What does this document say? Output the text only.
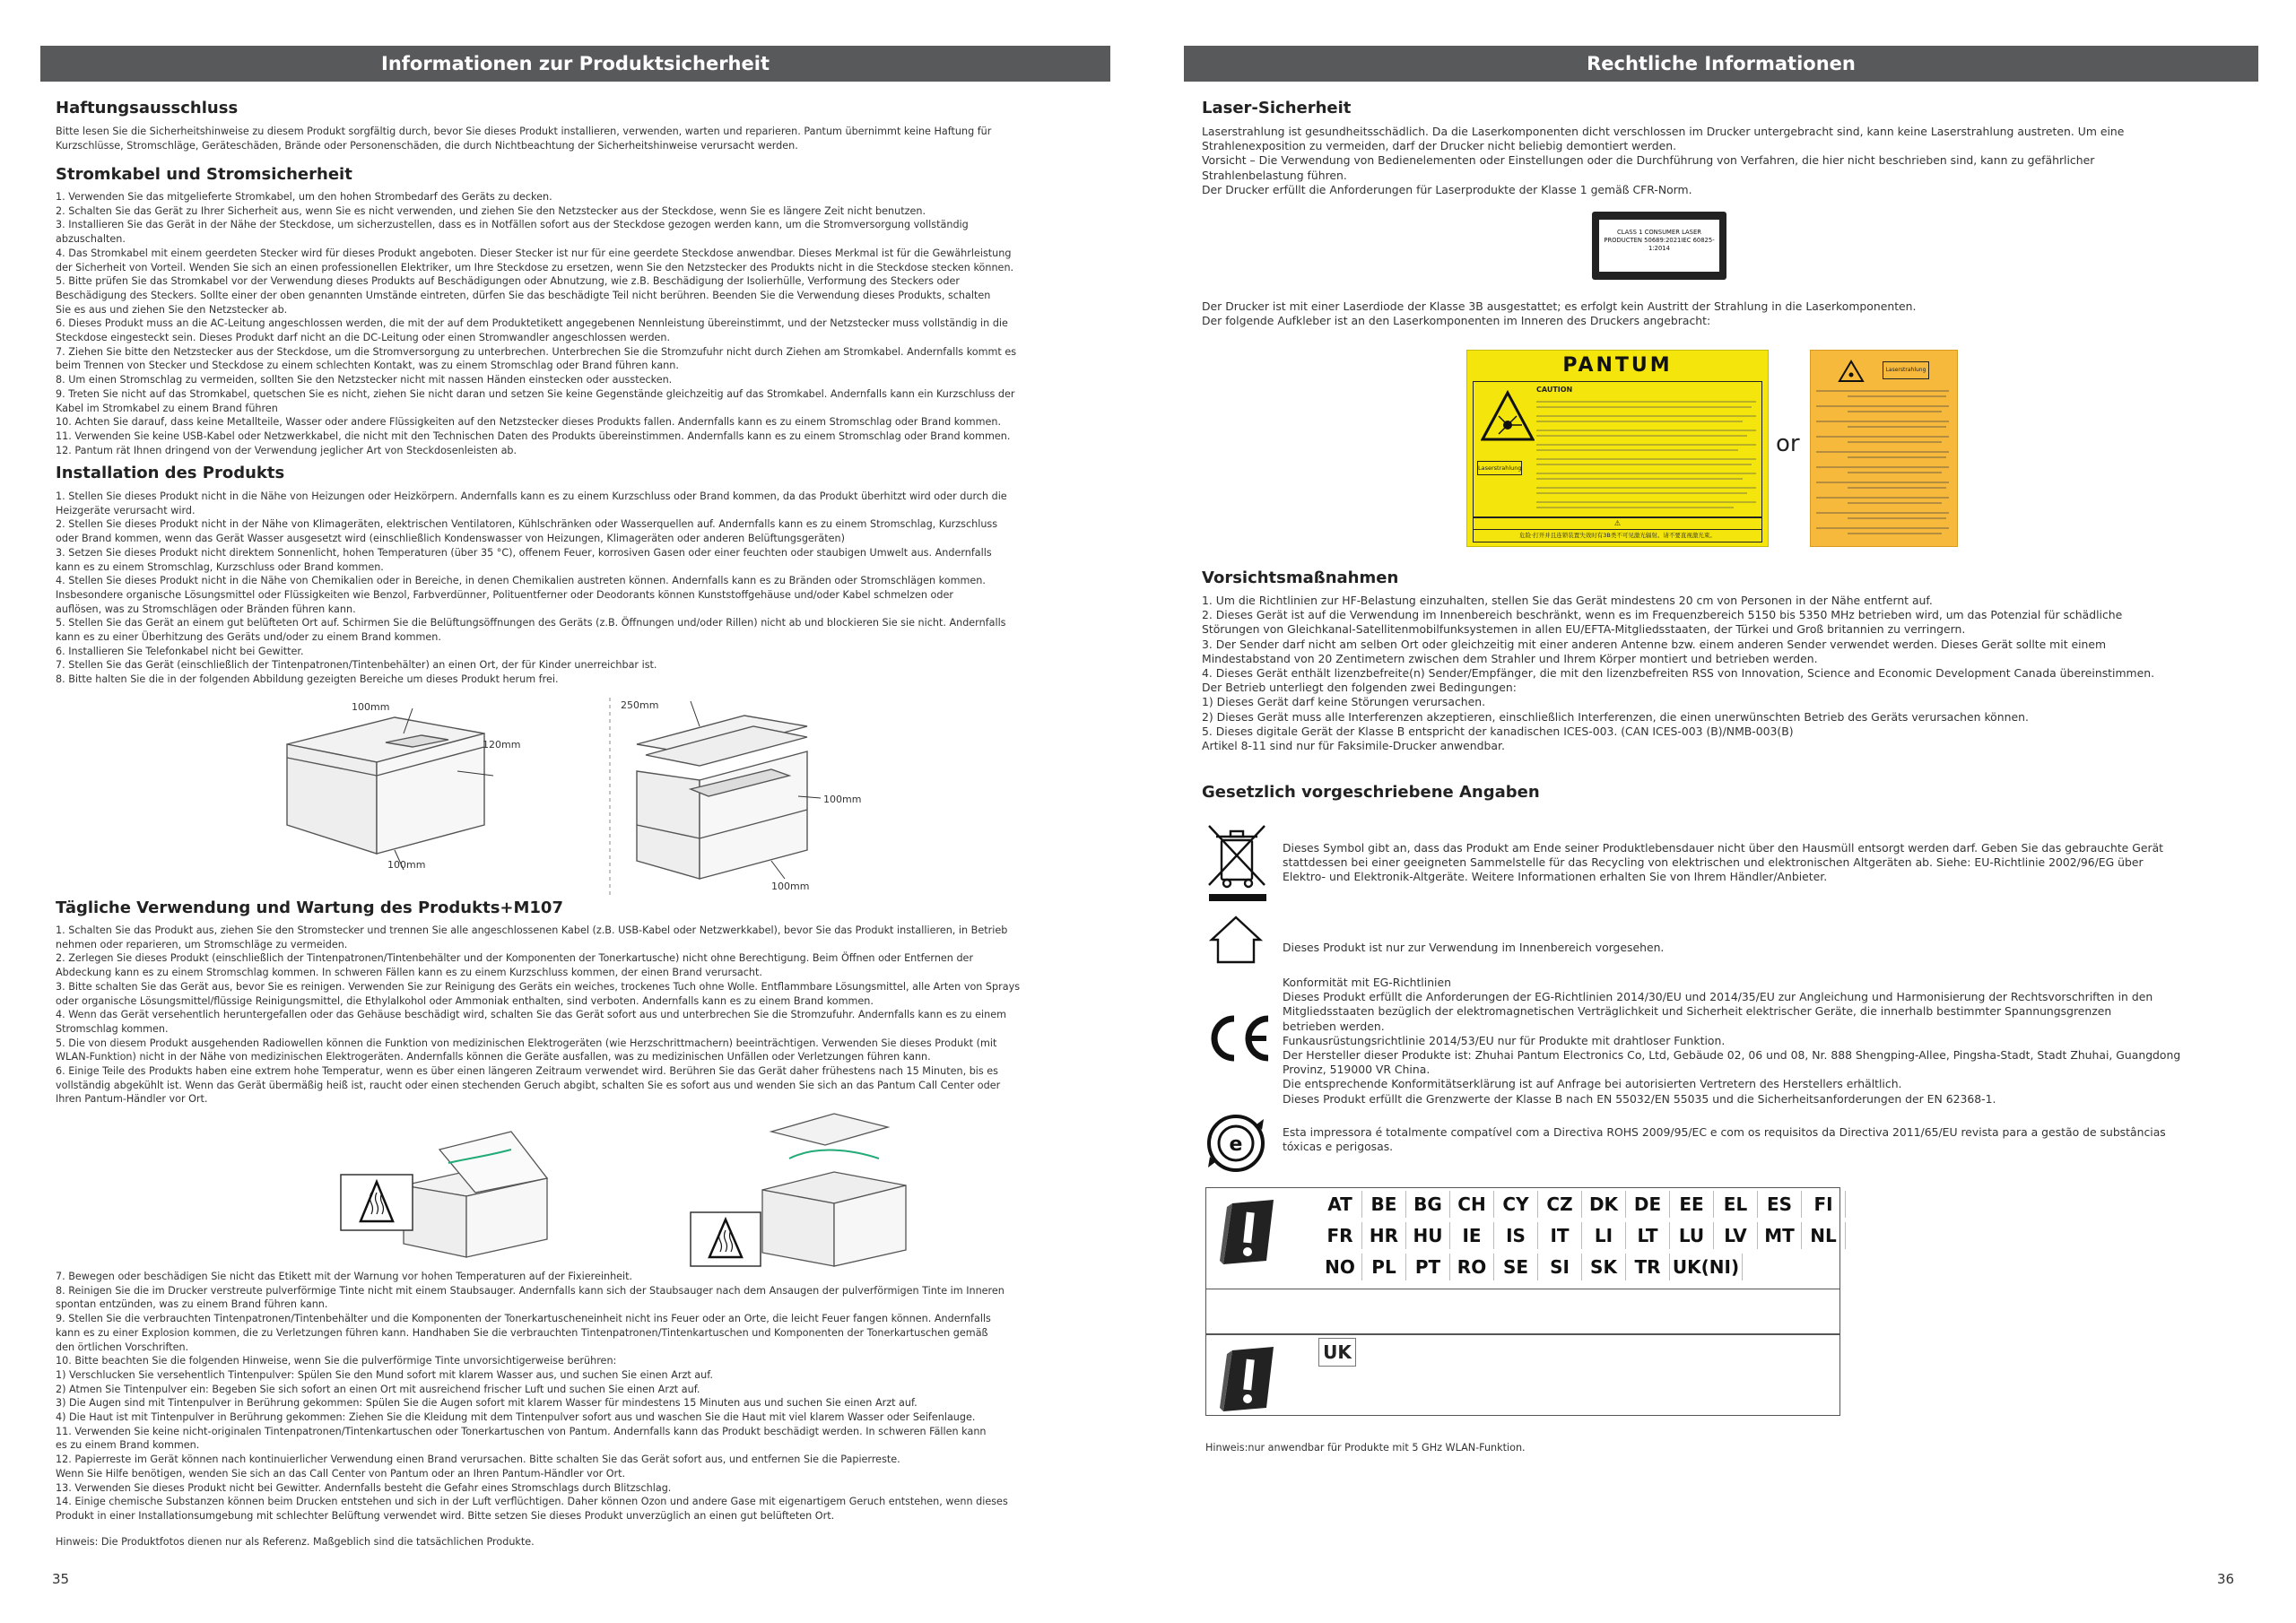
Informationen zur Produktsicherheit
Haftungsausschluss
Bitte lesen Sie die Sicherheitshinweise zu diesem Produkt sorgfältig durch, bevor Sie dieses Produkt installieren, verwenden, warten und reparieren. Pantum übernimmt keine Haftung für
Kurzschlüsse, Stromschläge, Geräteschäden, Brände oder Personenschäden, die durch Nichtbeachtung der Sicherheitshinweise verursacht werden.
Stromkabel und Stromsicherheit
1. Verwenden Sie das mitgelieferte Stromkabel, um den hohen Strombedarf des Geräts zu decken.
2. Schalten Sie das Gerät zu Ihrer Sicherheit aus, wenn Sie es nicht verwenden, und ziehen Sie den Netzstecker aus der Steckdose, wenn Sie es längere Zeit nicht benutzen.
3. Installieren Sie das Gerät in der Nähe der Steckdose, um sicherzustellen, dass es in Notfällen sofort aus der Steckdose gezogen werden kann, um die Stromversorgung vollständig
abzuschalten.
4. Das Stromkabel mit einem geerdeten Stecker wird für dieses Produkt angeboten. Dieser Stecker ist nur für eine geerdete Steckdose anwendbar. Dieses Merkmal ist für die Gewährleistung
der Sicherheit von Vorteil. Wenden Sie sich an einen professionellen Elektriker, um Ihre Steckdose zu ersetzen, wenn Sie den Netzstecker des Produkts nicht in die Steckdose stecken können.
5. Bitte prüfen Sie das Stromkabel vor der Verwendung dieses Produkts auf Beschädigungen oder Abnutzung, wie z.B. Beschädigung der Isolierhülle, Verformung des Steckers oder
Beschädigung des Steckers. Sollte einer der oben genannten Umstände eintreten, dürfen Sie das beschädigte Teil nicht berühren. Beenden Sie die Verwendung dieses Produkts, schalten
Sie es aus und ziehen Sie den Netzstecker ab.
6. Dieses Produkt muss an die AC-Leitung angeschlossen werden, die mit der auf dem Produktetikett angegebenen Nennleistung übereinstimmt, und der Netzstecker muss vollständig in die
Steckdose eingesteckt sein. Dieses Produkt darf nicht an die DC-Leitung oder einen Stromwandler angeschlossen werden.
7. Ziehen Sie bitte den Netzstecker aus der Steckdose, um die Stromversorgung zu unterbrechen. Unterbrechen Sie die Stromzufuhr nicht durch Ziehen am Stromkabel. Andernfalls kommt es
beim Trennen von Stecker und Steckdose zu einem schlechten Kontakt, was zu einem Stromschlag oder Brand führen kann.
8. Um einen Stromschlag zu vermeiden, sollten Sie den Netzstecker nicht mit nassen Händen einstecken oder ausstecken.
9. Treten Sie nicht auf das Stromkabel, quetschen Sie es nicht, ziehen Sie nicht daran und setzen Sie keine Gegenstände gleichzeitig auf das Stromkabel. Andernfalls kann ein Kurzschluss der
Kabel im Stromkabel zu einem Brand führen
10. Achten Sie darauf, dass keine Metallteile, Wasser oder andere Flüssigkeiten auf den Netzstecker dieses Produkts fallen. Andernfalls kann es zu einem Stromschlag oder Brand kommen.
11. Verwenden Sie keine USB-Kabel oder Netzwerkkabel, die nicht mit den Technischen Daten des Produkts übereinstimmen. Andernfalls kann es zu einem Stromschlag oder Brand kommen.
12. Pantum rät Ihnen dringend von der Verwendung jeglicher Art von Steckdosenleisten ab.
Installation des Produkts
1. Stellen Sie dieses Produkt nicht in die Nähe von Heizungen oder Heizkörpern. Andernfalls kann es zu einem Kurzschluss oder Brand kommen, da das Produkt überhitzt wird oder durch die
Heizgeräte verursacht wird.
2. Stellen Sie dieses Produkt nicht in der Nähe von Klimageräten, elektrischen Ventilatoren, Kühlschränken oder Wasserquellen auf. Andernfalls kann es zu einem Stromschlag, Kurzschluss
oder Brand kommen, wenn das Gerät Wasser ausgesetzt wird (einschließlich Kondenswasser von Heizungen, Klimageräten oder anderen Belüftungsgeräten)
3. Setzen Sie dieses Produkt nicht direktem Sonnenlicht, hohen Temperaturen (über 35 °C), offenem Feuer, korrosiven Gasen oder einer feuchten oder staubigen Umwelt aus. Andernfalls
kann es zu einem Stromschlag, Kurzschluss oder Brand kommen.
4. Stellen Sie dieses Produkt nicht in die Nähe von Chemikalien oder in Bereiche, in denen Chemikalien austreten können. Andernfalls kann es zu Bränden oder Stromschlägen kommen.
Insbesondere organische Lösungsmittel oder Flüssigkeiten wie Benzol, Farbverdünner, Polituentferner oder Deodorants können Kunststoffgehäuse und/oder Kabel schmelzen oder
auflösen, was zu Stromschlägen oder Bränden führen kann.
5. Stellen Sie das Gerät an einem gut belüfteten Ort auf. Schirmen Sie die Belüftungsöffnungen des Geräts (z.B. Öffnungen und/oder Rillen) nicht ab und blockieren Sie sie nicht. Andernfalls
kann es zu einer Überhitzung des Geräts und/oder zu einem Brand kommen.
6. Installieren Sie Telefonkabel nicht bei Gewitter.
7. Stellen Sie das Gerät (einschließlich der Tintenpatronen/Tintenbehälter) an einen Ort, der für Kinder unerreichbar ist.
8. Bitte halten Sie die in der folgenden Abbildung gezeigten Bereiche um dieses Produkt herum frei.
100mm
120mm
100mm
250mm
100mm
100mm
Tägliche Verwendung und Wartung des Produkts+M107
1. Schalten Sie das Produkt aus, ziehen Sie den Stromstecker und trennen Sie alle angeschlossenen Kabel (z.B. USB-Kabel oder Netzwerkkabel), bevor Sie das Produkt installieren, in Betrieb
nehmen oder reparieren, um Stromschläge zu vermeiden.
2. Zerlegen Sie dieses Produkt (einschließlich der Tintenpatronen/Tintenbehälter und der Komponenten der Tonerkartusche) nicht ohne Berechtigung. Beim Öffnen oder Entfernen der
Abdeckung kann es zu einem Stromschlag kommen. In schweren Fällen kann es zu einem Kurzschluss kommen, der einen Brand verursacht.
3. Bitte schalten Sie das Gerät aus, bevor Sie es reinigen. Verwenden Sie zur Reinigung des Geräts ein weiches, trockenes Tuch ohne Wolle. Entflammbare Lösungsmittel, alle Arten von Sprays
oder organische Lösungsmittel/flüssige Reinigungsmittel, die Ethylalkohol oder Ammoniak enthalten, sind verboten. Andernfalls kann es zu einem Brand kommen.
4. Wenn das Gerät versehentlich heruntergefallen oder das Gehäuse beschädigt wird, schalten Sie das Gerät sofort aus und unterbrechen Sie die Stromzufuhr. Andernfalls kann es zu einem
Stromschlag kommen.
5. Die von diesem Produkt ausgehenden Radiowellen können die Funktion von medizinischen Elektrogeräten (wie Herzschrittmachern) beeinträchtigen. Verwenden Sie dieses Produkt (mit
WLAN-Funktion) nicht in der Nähe von medizinischen Elektrogeräten. Andernfalls können die Geräte ausfallen, was zu medizinischen Unfällen oder Verletzungen führen kann.
6. Einige Teile des Produkts haben eine extrem hohe Temperatur, wenn es über einen längeren Zeitraum verwendet wird. Berühren Sie das Gerät daher frühestens nach 15 Minuten, bis es
vollständig abgekühlt ist. Wenn das Gerät übermäßig heiß ist, raucht oder einen stechenden Geruch abgibt, schalten Sie es sofort aus und wenden Sie sich an das Pantum Call Center oder
Ihren Pantum-Händler vor Ort.
7. Bewegen oder beschädigen Sie nicht das Etikett mit der Warnung vor hohen Temperaturen auf der Fixiereinheit.
8. Reinigen Sie die im Drucker verstreute pulverförmige Tinte nicht mit einem Staubsauger. Andernfalls kann sich der Staubsauger nach dem Ansaugen der pulverförmigen Tinte im Inneren
spontan entzünden, was zu einem Brand führen kann.
9. Stellen Sie die verbrauchten Tintenpatronen/Tintenbehälter und die Komponenten der Tonerkartuscheneinheit nicht ins Feuer oder an Orte, die leicht Feuer fangen können. Andernfalls
kann es zu einer Explosion kommen, die zu Verletzungen führen kann. Handhaben Sie die verbrauchten Tintenpatronen/Tintenkartuschen und Komponenten der Tonerkartuschen gemäß
den örtlichen Vorschriften.
10. Bitte beachten Sie die folgenden Hinweise, wenn Sie die pulverförmige Tinte unvorsichtigerweise berühren:
1) Verschlucken Sie versehentlich Tintenpulver: Spülen Sie den Mund sofort mit klarem Wasser aus, und suchen Sie einen Arzt auf.
2) Atmen Sie Tintenpulver ein: Begeben Sie sich sofort an einen Ort mit ausreichend frischer Luft und suchen Sie einen Arzt auf.
3) Die Augen sind mit Tintenpulver in Berührung gekommen: Spülen Sie die Augen sofort mit klarem Wasser für mindestens 15 Minuten aus und suchen Sie einen Arzt auf.
4) Die Haut ist mit Tintenpulver in Berührung gekommen: Ziehen Sie die Kleidung mit dem Tintenpulver sofort aus und waschen Sie die Haut mit viel klarem Wasser oder Seifenlauge.
11. Verwenden Sie keine nicht-originalen Tintenpatronen/Tintenkartuschen oder Tonerkartuschen von Pantum. Andernfalls kann das Produkt beschädigt werden. In schweren Fällen kann
es zu einem Brand kommen.
12. Papierreste im Gerät können nach kontinuierlicher Verwendung einen Brand verursachen. Bitte schalten Sie das Gerät sofort aus, und entfernen Sie die Papierreste.
Wenn Sie Hilfe benötigen, wenden Sie sich an das Call Center von Pantum oder an Ihren Pantum-Händler vor Ort.
13. Verwenden Sie dieses Produkt nicht bei Gewitter. Andernfalls besteht die Gefahr eines Stromschlags durch Blitzschlag.
14. Einige chemische Substanzen können beim Drucken entstehen und sich in der Luft verflüchtigen. Daher können Ozon und andere Gase mit eigenartigem Geruch entstehen, wenn dieses
Produkt in einer Installationsumgebung mit schlechter Belüftung verwendet wird. Bitte setzen Sie dieses Produkt unverzüglich an einen gut belüfteten Ort.
Hinweis: Die Produktfotos dienen nur als Referenz. Maßgeblich sind die tatsächlichen Produkte.
35
Rechtliche Informationen
Laser-Sicherheit
Laserstrahlung ist gesundheitsschädlich. Da die Laserkomponenten dicht verschlossen im Drucker untergebracht sind, kann keine Laserstrahlung austreten. Um eine
Strahlenexposition zu vermeiden, darf der Drucker nicht beliebig demontiert werden.
Vorsicht – Die Verwendung von Bedienelementen oder Einstellungen oder die Durchführung von Verfahren, die hier nicht beschrieben sind, kann zu gefährlicher
Strahlenbelastung führen.
Der Drucker erfüllt die Anforderungen für Laserprodukte der Klasse 1 gemäß CFR-Norm.
CLASS 1 CONSUMER LASER PRODUCTEN 50689:2021IEC 60825-1:2014
Der Drucker ist mit einer Laserdiode der Klasse 3B ausgestattet; es erfolgt kein Austritt der Strahlung in die Laserkomponenten.
Der folgende Aufkleber ist an den Laserkomponenten im Inneren des Druckers angebracht:
PANTUM
Laserstrahlung
CAUTION
⚠
危险·打开并且连锁装置失效时有3B类不可见激光辐射。请不要直视激光束。
or
Laserstrahlung
Vorsichtsmaßnahmen
1. Um die Richtlinien zur HF-Belastung einzuhalten, stellen Sie das Gerät mindestens 20 cm von Personen in der Nähe entfernt auf.
2. Dieses Gerät ist auf die Verwendung im Innenbereich beschränkt, wenn es im Frequenzbereich 5150 bis 5350 MHz betrieben wird, um das Potenzial für schädliche
Störungen von Gleichkanal-Satellitenmobilfunksystemen in allen EU/EFTA-Mitgliedsstaaten, der Türkei und Groß britannien zu verringern.
3. Der Sender darf nicht am selben Ort oder gleichzeitig mit einer anderen Antenne bzw. einem anderen Sender verwendet werden. Dieses Gerät sollte mit einem
Mindestabstand von 20 Zentimetern zwischen dem Strahler und Ihrem Körper montiert und betrieben werden.
4. Dieses Gerät enthält lizenzbefreite(n) Sender/Empfänger, die mit den lizenzbefreiten RSS von Innovation, Science and Economic Development Canada übereinstimmen.
Der Betrieb unterliegt den folgenden zwei Bedingungen:
1) Dieses Gerät darf keine Störungen verursachen.
2) Dieses Gerät muss alle Interferenzen akzeptieren, einschließlich Interferenzen, die einen unerwünschten Betrieb des Geräts verursachen können.
5. Dieses digitale Gerät der Klasse B entspricht der kanadischen ICES-003. (CAN ICES-003 (B)/NMB-003(B)
Artikel 8-11 sind nur für Faksimile-Drucker anwendbar.
Gesetzlich vorgeschriebene Angaben
Dieses Symbol gibt an, dass das Produkt am Ende seiner Produktlebensdauer nicht über den Hausmüll entsorgt werden darf. Geben Sie das gebrauchte Gerät
stattdessen bei einer geeigneten Sammelstelle für das Recycling von elektrischen und elektronischen Altgeräten ab. Siehe: EU-Richtlinie 2002/96/EG über
Elektro- und Elektronik-Altgeräte. Weitere Informationen erhalten Sie von Ihrem Händler/Anbieter.
Dieses Produkt ist nur zur Verwendung im Innenbereich vorgesehen.
Konformität mit EG-Richtlinien
Dieses Produkt erfüllt die Anforderungen der EG-Richtlinien 2014/30/EU und 2014/35/EU zur Angleichung und Harmonisierung der Rechtsvorschriften in den
Mitgliedsstaaten bezüglich der elektromagnetischen Verträglichkeit und Sicherheit elektrischer Geräte, die innerhalb bestimmter Spannungsgrenzen
betrieben werden.
Funkausrüstungsrichtlinie 2014/53/EU nur für Produkte mit drahtloser Funktion.
Der Hersteller dieser Produkte ist: Zhuhai Pantum Electronics Co, Ltd, Gebäude 02, 06 und 08, Nr. 888 Shengping-Allee, Pingsha-Stadt, Stadt Zhuhai, Guangdong
Provinz, 519000 VR China.
Die entsprechende Konformitätserklärung ist auf Anfrage bei autorisierten Vertretern des Herstellers erhältlich.
Dieses Produkt erfüllt die Grenzwerte der Klasse B nach EN 55032/EN 55035 und die Sicherheitsanforderungen der EN 62368-1.
e
Esta impressora é totalmente compatível com a Directiva ROHS 2009/95/EC e com os requisitos da Directiva 2011/65/EU revista para a gestão de substâncias
tóxicas e perigosas.
AT	BE BG CH CY CZ DK DE	EE	EL	ES	FI
FR HR HU	IE	IS	IT	LI	LT	LU	LV MT NL
NO PL	PT RO SE	SI	SK TR UK(NI)
UK
Hinweis:nur anwendbar für Produkte mit 5 GHz WLAN-Funktion.
36
